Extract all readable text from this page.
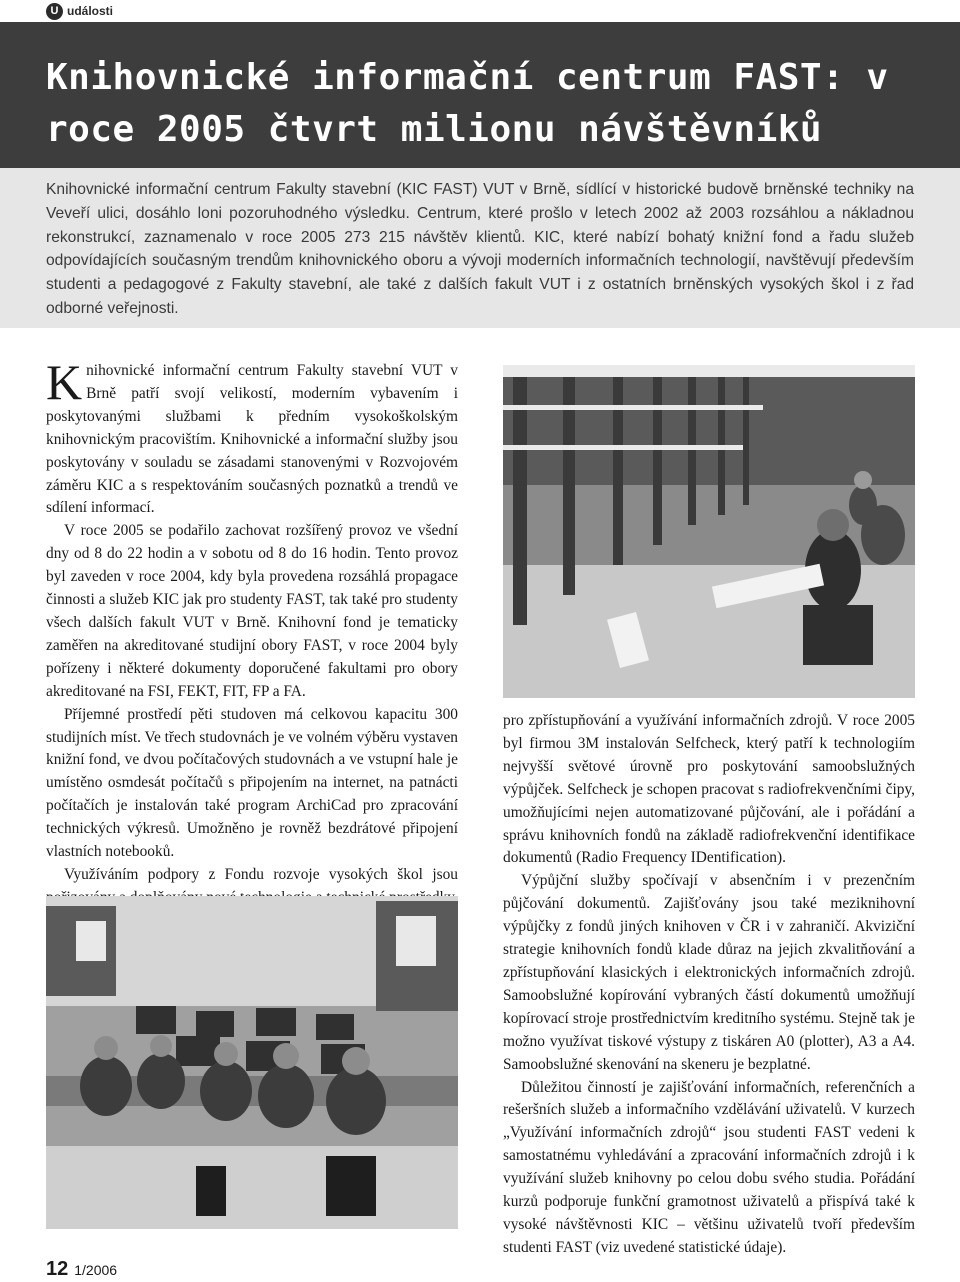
U události
Knihovnické informační centrum FAST: v roce 2005 čtvrt milionu návštěvníků

Knihovnické informační centrum Fakulty stavební (KIC FAST) VUT v Brně, sídlící v historické budově brněnské techniky na Veveří ulici, dosáhlo loni pozoruhodného výsledku. Centrum, které prošlo v letech 2002 až 2003 rozsáhlou a nákladnou rekonstrukcí, zaznamenalo v roce 2005 273 215 návštěv klientů. KIC, které nabízí bohatý knižní fond a řadu služeb odpovídajících současným trendům knihovnického oboru a vývoji moderních informačních technologií, navštěvují především studenti a pedagogové z Fakulty stavební, ale také z dalších fakult VUT i z ostatních brněnských vysokých škol i z řad odborné veřejnosti.

Knihovnické informační centrum Fakulty stavební VUT v Brně patří svojí velikostí, moderním vybavením i poskytovanými službami k předním vysokoškolským knihovnickým pracovištím. Knihovnické a informační služby jsou poskytovány v souladu se zásadami stanovenými v Rozvojovém záměru KIC a s respektováním současných poznatků a trendů ve sdílení informací.

V roce 2005 se podařilo zachovat rozšířený provoz ve všední dny od 8 do 22 hodin a v sobotu od 8 do 16 hodin. Tento provoz byl zaveden v roce 2004, kdy byla provedena rozsáhlá propagace činnosti a služeb KIC jak pro studenty FAST, tak také pro studenty všech dalších fakult VUT v Brně. Knihovní fond je tematicky zaměřen na akreditované studijní obory FAST, v roce 2004 byly pořízeny i některé dokumenty doporučené fakultami pro obory akreditované na FSI, FEKT, FIT, FP a FA.

Příjemné prostředí pěti studoven má celkovou kapacitu 300 studijních míst. Ve třech studovnách je ve volném výběru vystaven knižní fond, ve dvou počítačových studovnách a ve vstupní hale je umístěno osmdesát počítačů s připojením na internet, na patnácti počítačích je instalován také program ArchiCad pro zpracování technických výkresů. Umožněno je rovněž bezdrátové připojení vlastních notebooků.

Využíváním podpory z Fondu rozvoje vysokých škol jsou

pro zpřístupňování a využívání informačních zdrojů. V roce 2005 byl firmou 3M instalován Selfcheck, který patří k technologiím nejvyšší světové úrovně pro poskytování samoobslužných výpůjček. Selfcheck je schopen pracovat s radiofrekvenčními čipy, umožňujícími nejen automatizované půjčování, ale i pořádání a správu knihovních fondů na základě radiofrekvenční identifikace dokumentů (Radio Frequency IDentification).

Výpůjční služby spočívají v absenčním i v prezenčním půjčování dokumentů. Zajišťovány jsou také meziknihovní výpůjčky z fondů jiných knihoven v ČR i v zahraničí. Akviziční strategie knihovních fondů klade důraz na jejich zkvalitňování a zpřístupňování klasických i elektronických informačních zdrojů. Samoobslužné kopírování vybraných částí dokumentů umožňují kopírovací stroje prostřednictvím kreditního systému. Stejně tak je možno využívat tiskové výstupy z tiskáren A0 (plotter), A3 a A4. Samoobslužné skenování na skeneru je bezplatné.

Důležitou činností je zajišťování informačních, referenčních a rešeršních služeb a informačního vzdělávání uživatelů. V kurzech „Využívání informačních zdrojů“ jsou studenti FAST vedeni k samostatnému vyhledávání a zpracování informačních zdrojů i k využívání služeb knihovny po celou dobu svého studia. Pořádání kurzů podporuje funkční gramotnost uživatelů a přispívá také k vysoké návštěvnosti KIC – většinu uživatelů tvoří především studenti FAST (viz uvedené statistické údaje).

12 1/2006
